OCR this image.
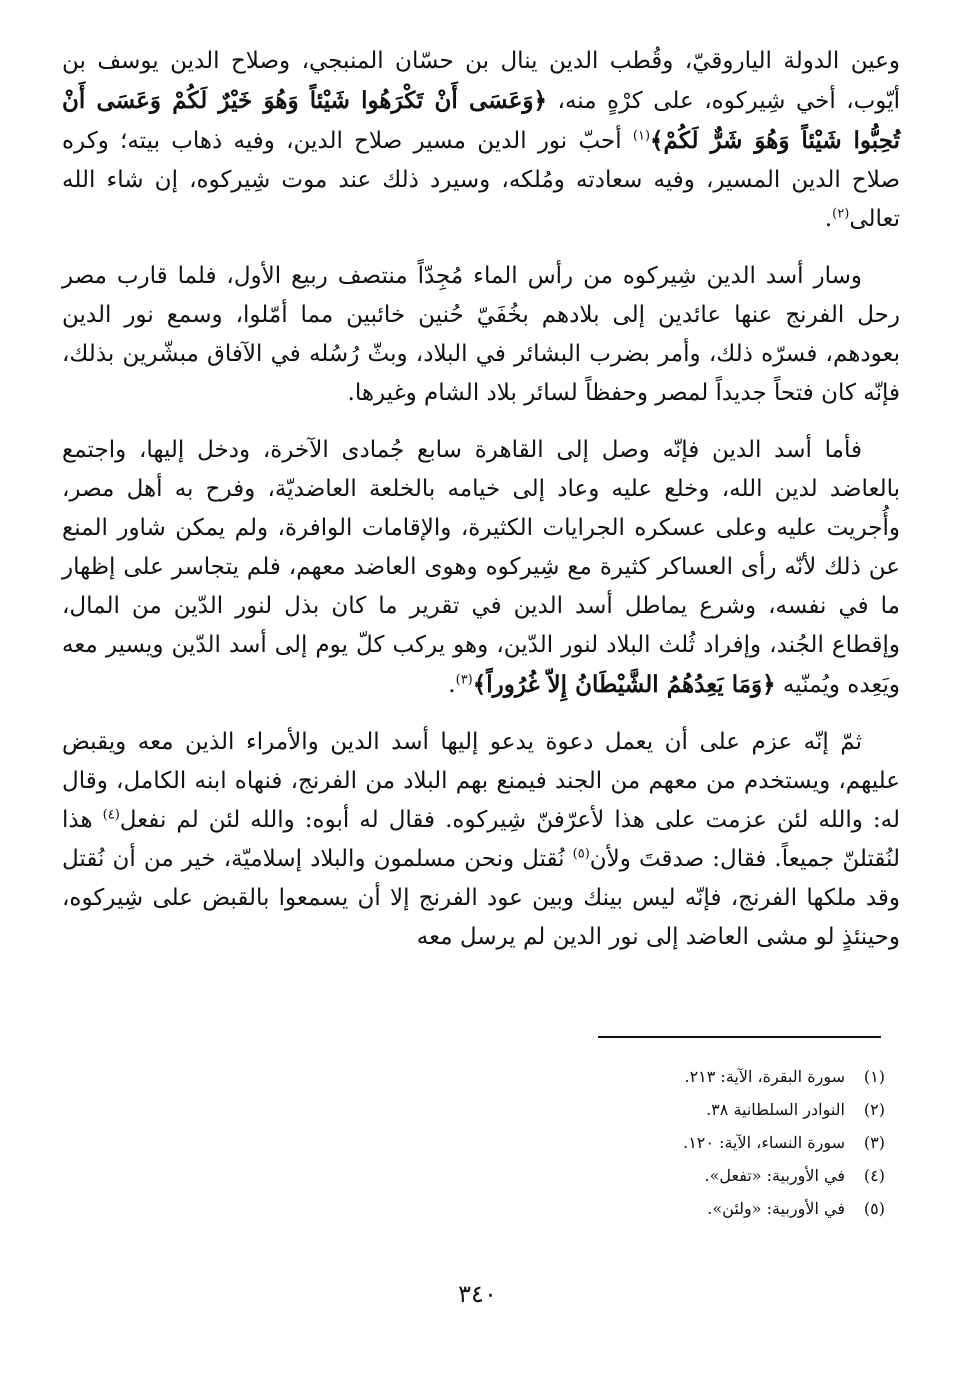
وعين الدولة الياروقيّ، وقُطب الدين ينال بن حسّان المنبجي، وصلاح الدين يوسف بن أيّوب، أخي شِيركوه، على كرْهٍ منه، ﴿وَعَسَى أَنْ تَكْرَهُوا شَيْئاً وَهُوَ خَيْرٌ لَكُمْ وَعَسَى أَنْ تُحِبُّوا شَيْئاً وَهُوَ شَرٌّ لَكُمْ﴾$^{(١)}$ أحبّ نور الدين مسير صلاح الدين، وفيه ذهاب بيته؛ وكره صلاح الدين المسير، وفيه سعادته ومُلكه، وسيرد ذلك عند موت شِيركوه، إن شاء الله تعالى$^{(٢)}$.

وسار أسد الدين شِيركوه من رأس الماء مُجِدّاً منتصف ربيع الأول، فلما قارب مصر رحل الفرنج عنها عائدين إلى بلادهم بخُفَيّ حُنين خائبين مما أمّلوا، وسمع نور الدين بعودهم، فسرّه ذلك، وأمر بضرب البشائر في البلاد، وبثّ رُسُله في الآفاق مبشّرين بذلك، فإنّه كان فتحاً جديداً لمصر وحفظاً لسائر بلاد الشام وغيرها.

فأما أسد الدين فإنّه وصل إلى القاهرة سابع جُمادى الآخرة، ودخل إليها، واجتمع بالعاضد لدين الله، وخلع عليه وعاد إلى خيامه بالخلعة العاضديّة، وفرح به أهل مصر، وأُجريت عليه وعلى عسكره الجرايات الكثيرة، والإقامات الوافرة، ولم يمكن شاور المنع عن ذلك لأنّه رأى العساكر كثيرة مع شِيركوه وهوى العاضد معهم، فلم يتجاسر على إظهار ما في نفسه، وشرع يماطل أسد الدين في تقرير ما كان بذل لنور الدّين من المال، وإقطاع الجُند، وإفراد ثُلث البلاد لنور الدّين، وهو يركب كلّ يوم إلى أسد الدّين ويسير معه ويَعِده ويُمنّيه ﴿وَمَا يَعِدُهُمُ الشَّيْطَانُ إِلاّ غُرُوراً﴾$^{(٣)}$.

ثمّ إنّه عزم على أن يعمل دعوة يدعو إليها أسد الدين والأمراء الذين معه ويقبض عليهم، ويستخدم من معهم من الجند فيمنع بهم البلاد من الفرنج، فنهاه ابنه الكامل، وقال له: والله لئن عزمت على هذا لأعرّفنّ شِيركوه. فقال له أبوه: والله لئن لم نفعل$^{(٤)}$ هذا لنُقتلنّ جميعاً. فقال: صدقتَ ولأن$^{(٥)}$ نُقتل ونحن مسلمون والبلاد إسلاميّة، خير من أن نُقتل وقد ملكها الفرنج، فإنّه ليس بينك وبين عود الفرنج إلا أن يسمعوا بالقبض على شِيركوه، وحينئذٍ لو مشى العاضد إلى نور الدين لم يرسل معه

(١)
سورة البقرة، الآية: ٢١٣.
(٢)
النوادر السلطانية ٣٨.
(٣)
سورة النساء، الآية: ١٢٠.
(٤)
في الأوربية: «تفعل».
(٥)
في الأوربية: «ولئن».
٣٤٠
